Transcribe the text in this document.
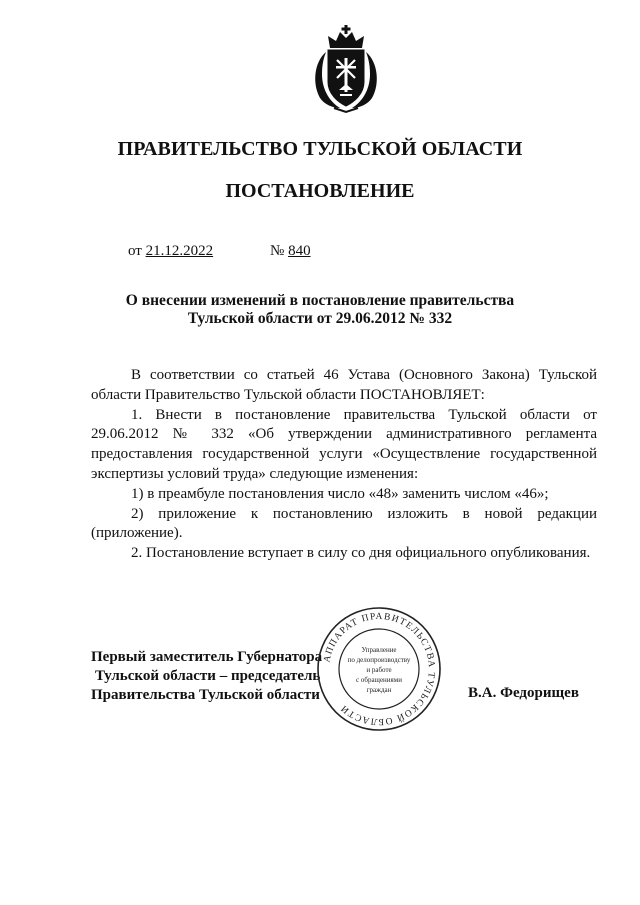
ПРАВИТЕЛЬСТВО ТУЛЬСКОЙ ОБЛАСТИ
ПОСТАНОВЛЕНИЕ
от 21.12.2022	№ 840
О внесении изменений в постановление правительства
Тульской области от 29.06.2012 № 332

В соответствии со статьей 46 Устава (Основного Закона) Тульской области Правительство Тульской области ПОСТАНОВЛЯЕТ:

1. Внести в постановление правительства Тульской области от 29.06.2012 № 332 «Об утверждении административного регламента предоставления государственной услуги «Осуществление государственной экспертизы условий труда» следующие изменения:

1) в преамбуле постановления число «48» заменить числом «46»;

2) приложение к постановлению изложить в новой редакции (приложение).

2. Постановление вступает в силу со дня официального опубликования.

Первый заместитель Губернатора
Тульской области – председатель
Правительства Тульской области	В.А. Федорищев
АППАРАТ ПРАВИТЕЛЬСТВА ТУЛЬСКОЙ ОБЛАСТИ
Управление
по делопроизводству
и работе
с обращениями
граждан
